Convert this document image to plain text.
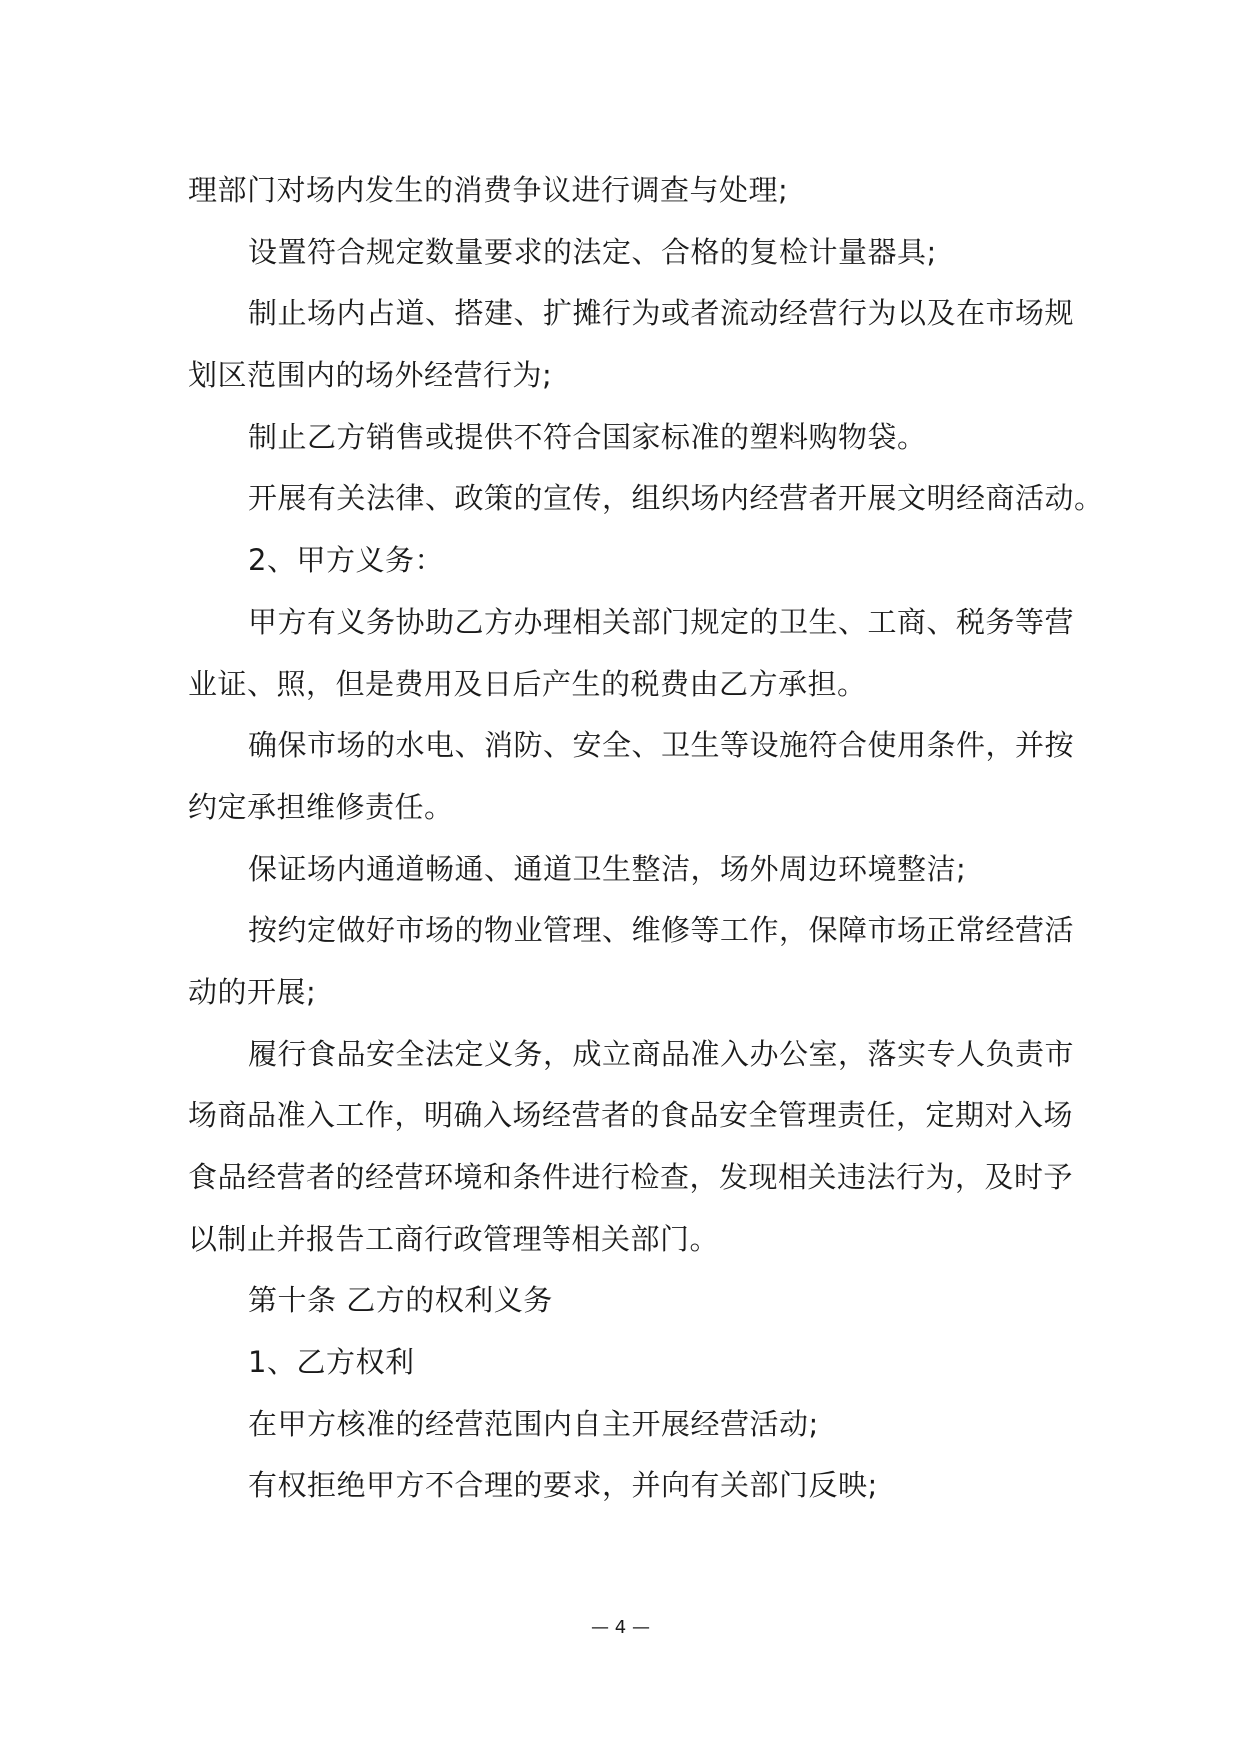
理部门对场内发生的消费争议进行调查与处理;
设置符合规定数量要求的法定、合格的复检计量器具;
制止场内占道、搭建、扩摊行为或者流动经营行为以及在市场规
划区范围内的场外经营行为;
制止乙方销售或提供不符合国家标准的塑料购物袋。
开展有关法律、政策的宣传，组织场内经营者开展文明经商活动。
2、甲方义务：
甲方有义务协助乙方办理相关部门规定的卫生、工商、税务等营
业证、照，但是费用及日后产生的税费由乙方承担。
确保市场的水电、消防、安全、卫生等设施符合使用条件，并按
约定承担维修责任。
保证场内通道畅通、通道卫生整洁，场外周边环境整洁;
按约定做好市场的物业管理、维修等工作，保障市场正常经营活
动的开展;
履行食品安全法定义务，成立商品准入办公室，落实专人负责市
场商品准入工作，明确入场经营者的食品安全管理责任，定期对入场
食品经营者的经营环境和条件进行检查，发现相关违法行为，及时予
以制止并报告工商行政管理等相关部门。
第十条 乙方的权利义务
1、乙方权利
在甲方核准的经营范围内自主开展经营活动;
有权拒绝甲方不合理的要求，并向有关部门反映;
— 4 —
